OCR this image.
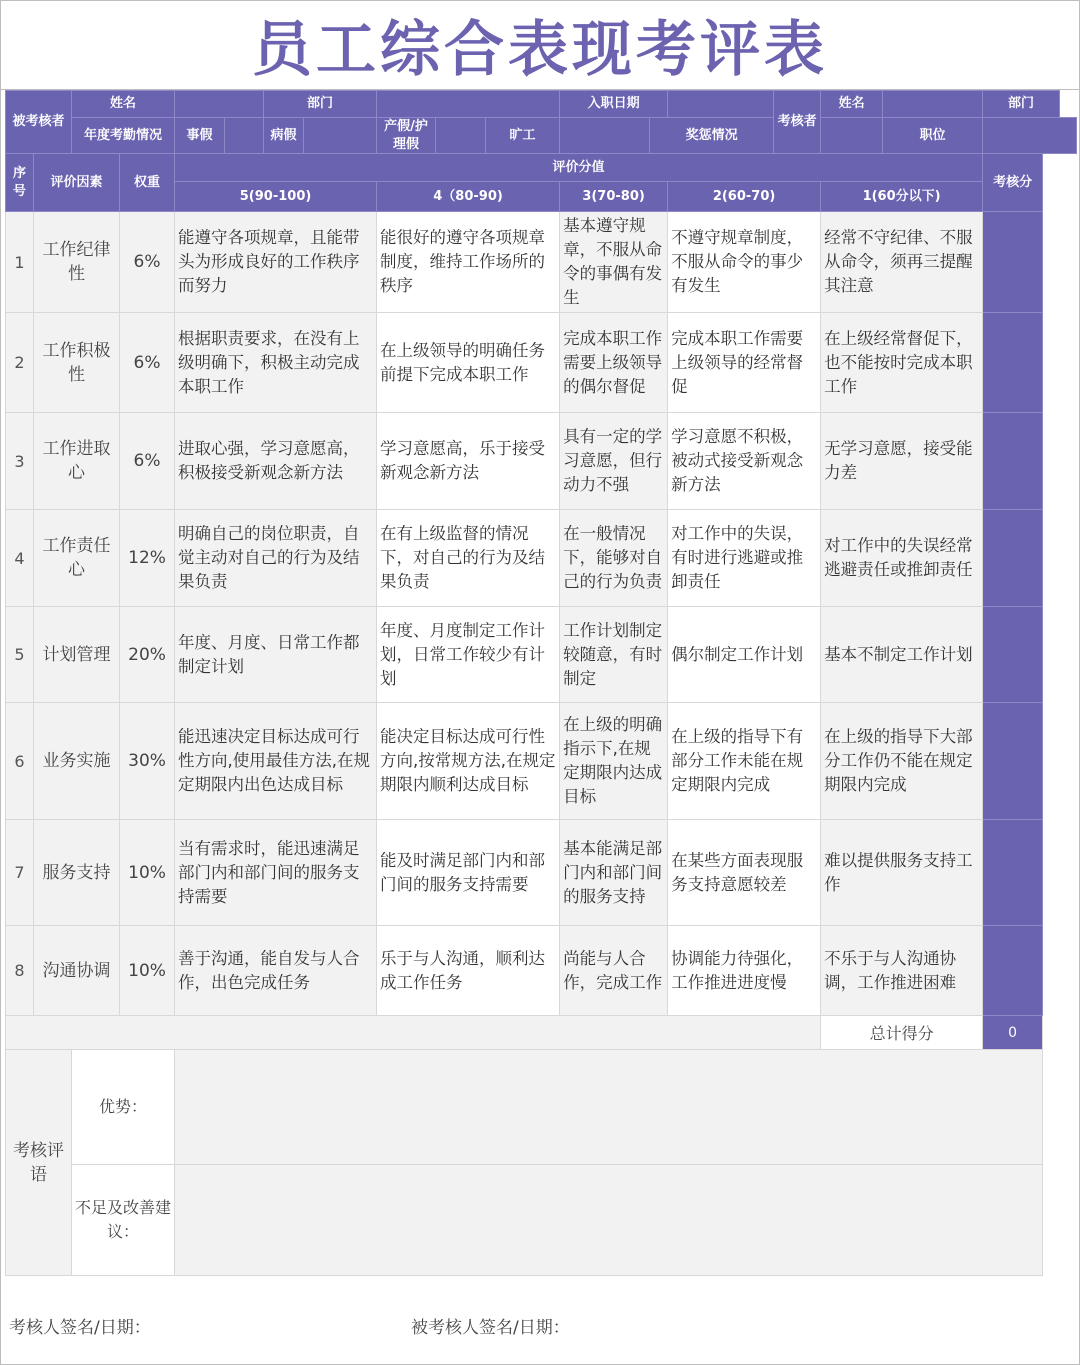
员工综合表现考评表
被考核者		姓名				部门					入职日期			考核者	姓名		部门
		年度考勤情况		事假		病假		产假/护理假		旷工		奖惩情况				职位	
序号	评价因素		权重	评价分值													考核分
				5(90-100)				4（80-90)			3(70-80)		2(60-70)		1(60分以下)		
1	工作纪律性		6%	能遵守各项规章，且能带头为形成良好的工作秩序而努力				能很好的遵守各项规章制度，维持工作场所的秩序			基本遵守规章，不服从命令的事偶有发生		不遵守规章制度，不服从命令的事少有发生		经常不守纪律、不服从命令，须再三提醒其注意		
2	工作积极性		6%	根据职责要求，在没有上级明确下，积极主动完成本职工作				在上级领导的明确任务前提下完成本职工作			完成本职工作需要上级领导的偶尔督促		完成本职工作需要上级领导的经常督促		在上级经常督促下，也不能按时完成本职工作		
3	工作进取心		6%	进取心强，学习意愿高，积极接受新观念新方法				学习意愿高，乐于接受新观念新方法			具有一定的学习意愿，但行动力不强		学习意愿不积极，被动式接受新观念新方法		无学习意愿，接受能力差		
4	工作责任心		12%	明确自己的岗位职责，自觉主动对自己的行为及结果负责				在有上级监督的情况下，对自己的行为及结果负责			在一般情况下，能够对自己的行为负责		对工作中的失误，有时进行逃避或推卸责任		对工作中的失误经常逃避责任或推卸责任		
5	计划管理		20%	年度、月度、日常工作都制定计划				年度、月度制定工作计划，日常工作较少有计划			工作计划制定较随意，有时制定		偶尔制定工作计划		基本不制定工作计划		
6	业务实施		30%	能迅速决定目标达成可行性方向,使用最佳方法,在规定期限内出色达成目标				能决定目标达成可行性方向,按常规方法,在规定期限内顺利达成目标			在上级的明确指示下,在规定期限内达成目标		在上级的指导下有部分工作未能在规定期限内完成		在上级的指导下大部分工作仍不能在规定期限内完成		
7	服务支持		10%	当有需求时，能迅速满足部门内和部门间的服务支持需要				能及时满足部门内和部门间的服务支持需要			基本能满足部门内和部门间的服务支持		在某些方面表现服务支持意愿较差		难以提供服务支持工作		
8	沟通协调		10%	善于沟通，能自发与人合作，出色完成任务				乐于与人沟通，顺利达成工作任务			尚能与人合作，完成工作		协调能力待强化，工作推进进度慢		不乐于与人沟通协调，工作推进困难		
															总计得分		0
考核评语		优势：															
		不足及改善建议：															
考核人签名/日期：	被考核人签名/日期：
